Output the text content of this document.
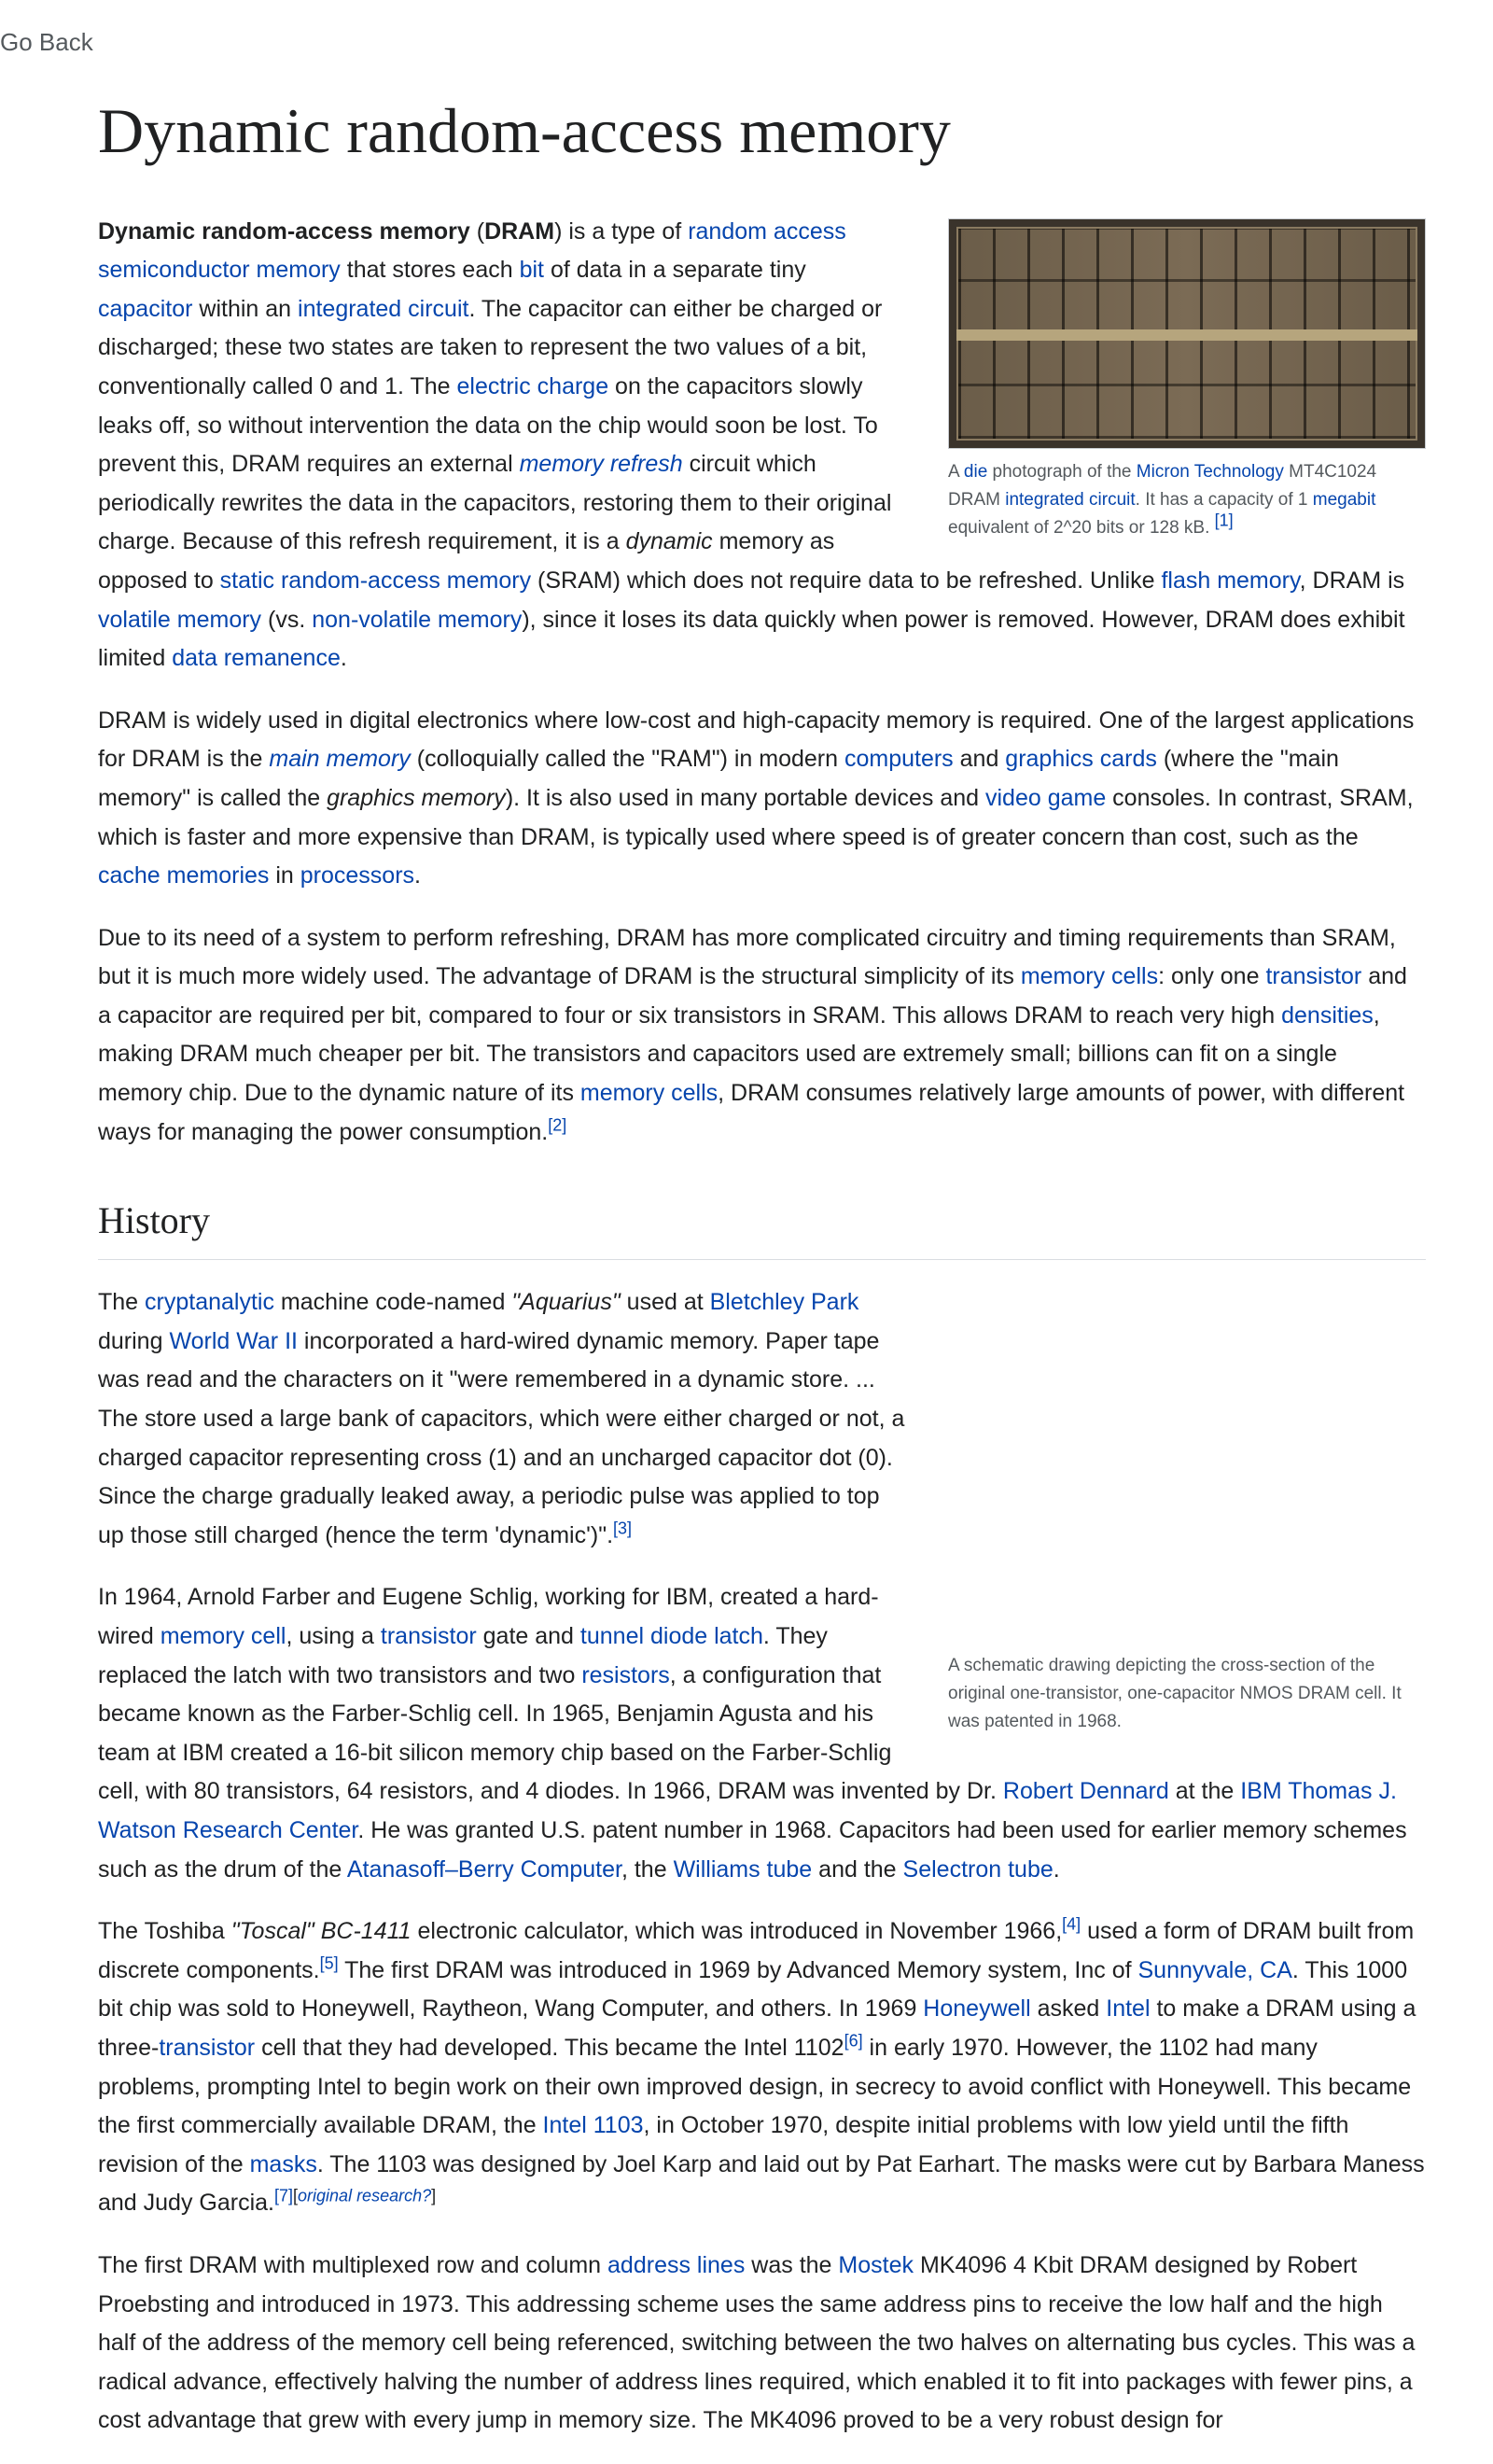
Go Back
Dynamic random-access memory
A die photograph of the Micron Technology MT4C1024 DRAM integrated circuit. It has a capacity of 1 megabit equivalent of 2^20 bits or 128 kB. [1]

Dynamic random-access memory (DRAM) is a type of random access semiconductor memory that stores each bit of data in a separate tiny capacitor within an integrated circuit. The capacitor can either be charged or discharged; these two states are taken to represent the two values of a bit, conventionally called 0 and 1. The electric charge on the capacitors slowly leaks off, so without intervention the data on the chip would soon be lost. To prevent this, DRAM requires an external memory refresh circuit which periodically rewrites the data in the capacitors, restoring them to their original charge. Because of this refresh requirement, it is a dynamic memory as opposed to static random-access memory (SRAM) which does not require data to be refreshed. Unlike flash memory, DRAM is volatile memory (vs. non-volatile memory), since it loses its data quickly when power is removed. However, DRAM does exhibit limited data remanence.

DRAM is widely used in digital electronics where low-cost and high-capacity memory is required. One of the largest applications for DRAM is the main memory (colloquially called the "RAM") in modern computers and graphics cards (where the "main memory" is called the graphics memory). It is also used in many portable devices and video game consoles. In contrast, SRAM, which is faster and more expensive than DRAM, is typically used where speed is of greater concern than cost, such as the cache memories in processors.

Due to its need of a system to perform refreshing, DRAM has more complicated circuitry and timing requirements than SRAM, but it is much more widely used. The advantage of DRAM is the structural simplicity of its memory cells: only one transistor and a capacitor are required per bit, compared to four or six transistors in SRAM. This allows DRAM to reach very high densities, making DRAM much cheaper per bit. The transistors and capacitors used are extremely small; billions can fit on a single memory chip. Due to the dynamic nature of its memory cells, DRAM consumes relatively large amounts of power, with different ways for managing the power consumption.[2]

History
A schematic drawing depicting the cross-section of the original one-transistor, one-capacitor NMOS DRAM cell. It was patented in 1968.

The cryptanalytic machine code-named "Aquarius" used at Bletchley Park during World War II incorporated a hard-wired dynamic memory. Paper tape was read and the characters on it "were remembered in a dynamic store. ... The store used a large bank of capacitors, which were either charged or not, a charged capacitor representing cross (1) and an uncharged capacitor dot (0). Since the charge gradually leaked away, a periodic pulse was applied to top up those still charged (hence the term 'dynamic')".[3]

In 1964, Arnold Farber and Eugene Schlig, working for IBM, created a hard-wired memory cell, using a transistor gate and tunnel diode latch. They replaced the latch with two transistors and two resistors, a configuration that became known as the Farber-Schlig cell. In 1965, Benjamin Agusta and his team at IBM created a 16-bit silicon memory chip based on the Farber-Schlig cell, with 80 transistors, 64 resistors, and 4 diodes. In 1966, DRAM was invented by Dr. Robert Dennard at the IBM Thomas J. Watson Research Center. He was granted U.S. patent number in 1968. Capacitors had been used for earlier memory schemes such as the drum of the Atanasoff–Berry Computer, the Williams tube and the Selectron tube.

The Toshiba "Toscal" BC-1411 electronic calculator, which was introduced in November 1966,[4] used a form of DRAM built from discrete components.[5] The first DRAM was introduced in 1969 by Advanced Memory system, Inc of Sunnyvale, CA. This 1000 bit chip was sold to Honeywell, Raytheon, Wang Computer, and others. In 1969 Honeywell asked Intel to make a DRAM using a three-transistor cell that they had developed. This became the Intel 1102[6] in early 1970. However, the 1102 had many problems, prompting Intel to begin work on their own improved design, in secrecy to avoid conflict with Honeywell. This became the first commercially available DRAM, the Intel 1103, in October 1970, despite initial problems with low yield until the fifth revision of the masks. The 1103 was designed by Joel Karp and laid out by Pat Earhart. The masks were cut by Barbara Maness and Judy Garcia.[7][original research?]

The first DRAM with multiplexed row and column address lines was the Mostek MK4096 4 Kbit DRAM designed by Robert Proebsting and introduced in 1973. This addressing scheme uses the same address pins to receive the low half and the high half of the address of the memory cell being referenced, switching between the two halves on alternating bus cycles. This was a radical advance, effectively halving the number of address lines required, which enabled it to fit into packages with fewer pins, a cost advantage that grew with every jump in memory size. The MK4096 proved to be a very robust design for
